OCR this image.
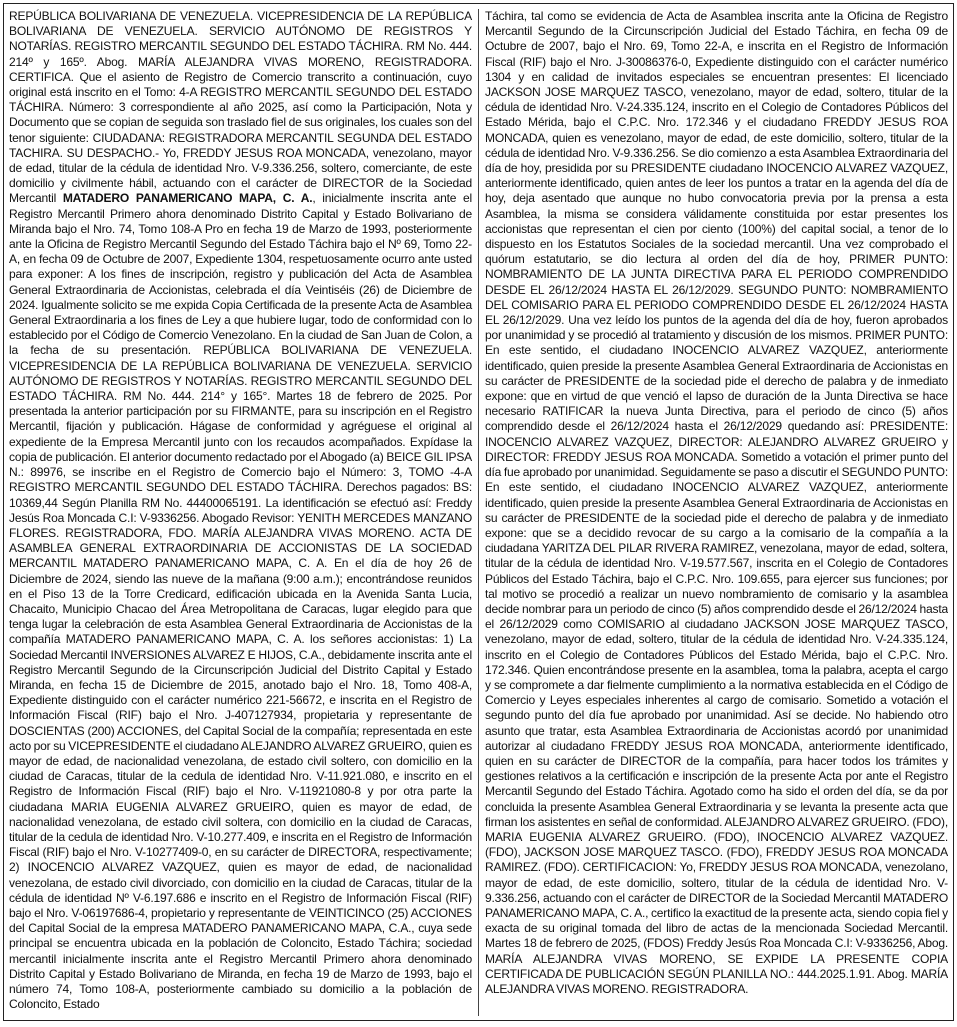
REPÚBLICA BOLIVARIANA DE VENEZUELA. VICEPRESIDENCIA DE LA REPÚBLICA BOLIVARIANA DE VENEZUELA. SERVICIO AUTÓNOMO DE REGISTROS Y NOTARÍAS. REGISTRO MERCANTIL SEGUNDO DEL ESTADO TÁCHIRA. RM No. 444. 214º y 165º. Abog. MARÍA ALEJANDRA VIVAS MORENO, REGISTRADORA. CERTIFICA. Que el asiento de Registro de Comercio transcrito a continuación, cuyo original está inscrito en el Tomo: 4-A REGISTRO MERCANTIL SEGUNDO DEL ESTADO TÁCHIRA. Número: 3 correspondiente al año 2025, así como la Participación, Nota y Documento que se copian de seguida son traslado fiel de sus originales, los cuales son del tenor siguiente: CIUDADANA: REGISTRADORA MERCANTIL SEGUNDA DEL ESTADO TACHIRA. SU DESPACHO.- Yo, FREDDY JESUS ROA MONCADA, venezolano, mayor de edad, titular de la cédula de identidad Nro. V-9.336.256, soltero, comerciante, de este domicilio y civilmente hábil, actuando con el carácter de DIRECTOR de la Sociedad Mercantil MATADERO PANAMERICANO MAPA, C. A., inicialmente inscrita ante el Registro Mercantil Primero ahora denominado Distrito Capital y Estado Bolivariano de Miranda bajo el Nro. 74, Tomo 108-A Pro en fecha 19 de Marzo de 1993, posteriormente ante la Oficina de Registro Mercantil Segundo del Estado Táchira bajo el Nº 69, Tomo 22-A, en fecha 09 de Octubre de 2007, Expediente 1304, respetuosamente ocurro ante usted para exponer: A los fines de inscripción, registro y publicación del Acta de Asamblea General Extraordinaria de Accionistas, celebrada el día Veintiséis (26) de Diciembre de 2024. Igualmente solicito se me expida Copia Certificada de la presente Acta de Asamblea General Extraordinaria a los fines de Ley a que hubiere lugar, todo de conformidad con lo establecido por el Código de Comercio Venezolano. En la ciudad de San Juan de Colon, a la fecha de su presentación. REPÚBLICA BOLIVARIANA DE VENEZUELA. VICEPRESIDENCIA DE LA REPÚBLICA BOLIVARIANA DE VENEZUELA. SERVICIO AUTÓNOMO DE REGISTROS Y NOTARÍAS. REGISTRO MERCANTIL SEGUNDO DEL ESTADO TÁCHIRA. RM No. 444. 214° y 165°. Martes 18 de febrero de 2025. Por presentada la anterior participación por su FIRMANTE, para su inscripción en el Registro Mercantil, fijación y publicación. Hágase de conformidad y agréguese el original al expediente de la Empresa Mercantil junto con los recaudos acompañados. Expídase la copia de publicación. El anterior documento redactado por el Abogado (a) BEICE GIL IPSA N.: 89976, se inscribe en el Registro de Comercio bajo el Número: 3, TOMO -4-A REGISTRO MERCANTIL SEGUNDO DEL ESTADO TÁCHIRA. Derechos pagados: BS: 10369,44 Según Planilla RM No. 44400065191. La identificación se efectuó así: Freddy Jesús Roa Moncada C.I: V-9336256. Abogado Revisor: YENITH MERCEDES MANZANO FLORES. REGISTRADORA, FDO. MARÍA ALEJANDRA VIVAS MORENO. ACTA DE ASAMBLEA GENERAL EXTRAORDINARIA DE ACCIONISTAS DE LA SOCIEDAD MERCANTIL MATADERO PANAMERICANO MAPA, C. A. En el día de hoy 26 de Diciembre de 2024, siendo las nueve de la mañana (9:00 a.m.); encontrándose reunidos en el Piso 13 de la Torre Credicard, edificación ubicada en la Avenida Santa Lucia, Chacaito, Municipio Chacao del Área Metropolitana de Caracas, lugar elegido para que tenga lugar la celebración de esta Asamblea General Extraordinaria de Accionistas de la compañía MATADERO PANAMERICANO MAPA, C. A. los señores accionistas: 1) La Sociedad Mercantil INVERSIONES ALVAREZ E HIJOS, C.A., debidamente inscrita ante el Registro Mercantil Segundo de la Circunscripción Judicial del Distrito Capital y Estado Miranda, en fecha 15 de Diciembre de 2015, anotado bajo el Nro. 18, Tomo 408-A, Expediente distinguido con el carácter numérico 221-56672, e inscrita en el Registro de Información Fiscal (RIF) bajo el Nro. J-407127934, propietaria y representante de DOSCIENTAS (200) ACCIONES, del Capital Social de la compañía; representada en este acto por su VICEPRESIDENTE el ciudadano ALEJANDRO ALVAREZ GRUEIRO, quien es mayor de edad, de nacionalidad venezolana, de estado civil soltero, con domicilio en la ciudad de Caracas, titular de la cedula de identidad Nro. V-11.921.080, e inscrito en el Registro de Información Fiscal (RIF) bajo el Nro. V-11921080-8 y por otra parte la ciudadana MARIA EUGENIA ALVAREZ GRUEIRO, quien es mayor de edad, de nacionalidad venezolana, de estado civil soltera, con domicilio en la ciudad de Caracas, titular de la cedula de identidad Nro. V-10.277.409, e inscrita en el Registro de Información Fiscal (RIF) bajo el Nro. V-10277409-0, en su carácter de DIRECTORA, respectivamente; 2) INOCENCIO ALVAREZ VAZQUEZ, quien es mayor de edad, de nacionalidad venezolana, de estado civil divorciado, con domicilio en la ciudad de Caracas, titular de la cédula de identidad Nº V-6.197.686 e inscrito en el Registro de Información Fiscal (RIF) bajo el Nro. V-06197686-4, propietario y representante de VEINTICINCO (25) ACCIONES del Capital Social de la empresa MATADERO PANAMERICANO MAPA, C.A., cuya sede principal se encuentra ubicada en la población de Coloncito, Estado Táchira; sociedad mercantil inicialmente inscrita ante el Registro Mercantil Primero ahora denominado Distrito Capital y Estado Bolivariano de Miranda, en fecha 19 de Marzo de 1993, bajo el número 74, Tomo 108-A, posteriormente cambiado su domicilio a la población de Coloncito, Estado

Táchira, tal como se evidencia de Acta de Asamblea inscrita ante la Oficina de Registro Mercantil Segundo de la Circunscripción Judicial del Estado Táchira, en fecha 09 de Octubre de 2007, bajo el Nro. 69, Tomo 22-A, e inscrita en el Registro de Información Fiscal (RIF) bajo el Nro. J-30086376-0, Expediente distinguido con el carácter numérico 1304 y en calidad de invitados especiales se encuentran presentes: El licenciado JACKSON JOSE MARQUEZ TASCO, venezolano, mayor de edad, soltero, titular de la cédula de identidad Nro. V-24.335.124, inscrito en el Colegio de Contadores Públicos del Estado Mérida, bajo el C.P.C. Nro. 172.346 y el ciudadano FREDDY JESUS ROA MONCADA, quien es venezolano, mayor de edad, de este domicilio, soltero, titular de la cédula de identidad Nro. V-9.336.256. Se dio comienzo a esta Asamblea Extraordinaria del día de hoy, presidida por su PRESIDENTE ciudadano INOCENCIO ALVAREZ VAZQUEZ, anteriormente identificado, quien antes de leer los puntos a tratar en la agenda del día de hoy, deja asentado que aunque no hubo convocatoria previa por la prensa a esta Asamblea, la misma se considera válidamente constituida por estar presentes los accionistas que representan el cien por ciento (100%) del capital social, a tenor de lo dispuesto en los Estatutos Sociales de la sociedad mercantil. Una vez comprobado el quórum estatutario, se dio lectura al orden del día de hoy, PRIMER PUNTO: NOMBRAMIENTO DE LA JUNTA DIRECTIVA PARA EL PERIODO COMPRENDIDO DESDE EL 26/12/2024 HASTA EL 26/12/2029. SEGUNDO PUNTO: NOMBRAMIENTO DEL COMISARIO PARA EL PERIODO COMPRENDIDO DESDE EL 26/12/2024 HASTA EL 26/12/2029. Una vez leído los puntos de la agenda del día de hoy, fueron aprobados por unanimidad y se procedió al tratamiento y discusión de los mismos. PRIMER PUNTO: En este sentido, el ciudadano INOCENCIO ALVAREZ VAZQUEZ, anteriormente identificado, quien preside la presente Asamblea General Extraordinaria de Accionistas en su carácter de PRESIDENTE de la sociedad pide el derecho de palabra y de inmediato expone: que en virtud de que venció el lapso de duración de la Junta Directiva se hace necesario RATIFICAR la nueva Junta Directiva, para el periodo de cinco (5) años comprendido desde el 26/12/2024 hasta el 26/12/2029 quedando así: PRESIDENTE: INOCENCIO ALVAREZ VAZQUEZ, DIRECTOR: ALEJANDRO ALVAREZ GRUEIRO y DIRECTOR: FREDDY JESUS ROA MONCADA. Sometido a votación el primer punto del día fue aprobado por unanimidad. Seguidamente se paso a discutir el SEGUNDO PUNTO: En este sentido, el ciudadano INOCENCIO ALVAREZ VAZQUEZ, anteriormente identificado, quien preside la presente Asamblea General Extraordinaria de Accionistas en su carácter de PRESIDENTE de la sociedad pide el derecho de palabra y de inmediato expone: que se a decidido revocar de su cargo a la comisario de la compañía a la ciudadana YARITZA DEL PILAR RIVERA RAMIREZ, venezolana, mayor de edad, soltera, titular de la cédula de identidad Nro. V-19.577.567, inscrita en el Colegio de Contadores Públicos del Estado Táchira, bajo el C.P.C. Nro. 109.655, para ejercer sus funciones; por tal motivo se procedió a realizar un nuevo nombramiento de comisario y la asamblea decide nombrar para un periodo de cinco (5) años comprendido desde el 26/12/2024 hasta el 26/12/2029 como COMISARIO al ciudadano JACKSON JOSE MARQUEZ TASCO, venezolano, mayor de edad, soltero, titular de la cédula de identidad Nro. V-24.335.124, inscrito en el Colegio de Contadores Públicos del Estado Mérida, bajo el C.P.C. Nro. 172.346. Quien encontrándose presente en la asamblea, toma la palabra, acepta el cargo y se compromete a dar fielmente cumplimiento a la normativa establecida en el Código de Comercio y Leyes especiales inherentes al cargo de comisario. Sometido a votación el segundo punto del día fue aprobado por unanimidad. Así se decide. No habiendo otro asunto que tratar, esta Asamblea Extraordinaria de Accionistas acordó por unanimidad autorizar al ciudadano FREDDY JESUS ROA MONCADA, anteriormente identificado, quien en su carácter de DIRECTOR de la compañía, para hacer todos los trámites y gestiones relativos a la certificación e inscripción de la presente Acta por ante el Registro Mercantil Segundo del Estado Táchira. Agotado como ha sido el orden del día, se da por concluida la presente Asamblea General Extraordinaria y se levanta la presente acta que firman los asistentes en señal de conformidad. ALEJANDRO ALVAREZ GRUEIRO. (FDO), MARIA EUGENIA ALVAREZ GRUEIRO. (FDO), INOCENCIO ALVAREZ VAZQUEZ. (FDO), JACKSON JOSE MARQUEZ TASCO. (FDO), FREDDY JESUS ROA MONCADA RAMIREZ. (FDO). CERTIFICACION: Yo, FREDDY JESUS ROA MONCADA, venezolano, mayor de edad, de este domicilio, soltero, titular de la cédula de identidad Nro. V-9.336.256, actuando con el carácter de DIRECTOR de la Sociedad Mercantil MATADERO PANAMERICANO MAPA, C. A., certifico la exactitud de la presente acta, siendo copia fiel y exacta de su original tomada del libro de actas de la mencionada Sociedad Mercantil. Martes 18 de febrero de 2025, (FDOS) Freddy Jesús Roa Moncada C.I: V-9336256, Abog. MARÍA ALEJANDRA VIVAS MORENO, SE EXPIDE LA PRESENTE COPIA CERTIFICADA DE PUBLICACIÓN SEGÚN PLANILLA NO.: 444.2025.1.91. Abog. MARÍA ALEJANDRA VIVAS MORENO. REGISTRADORA.
